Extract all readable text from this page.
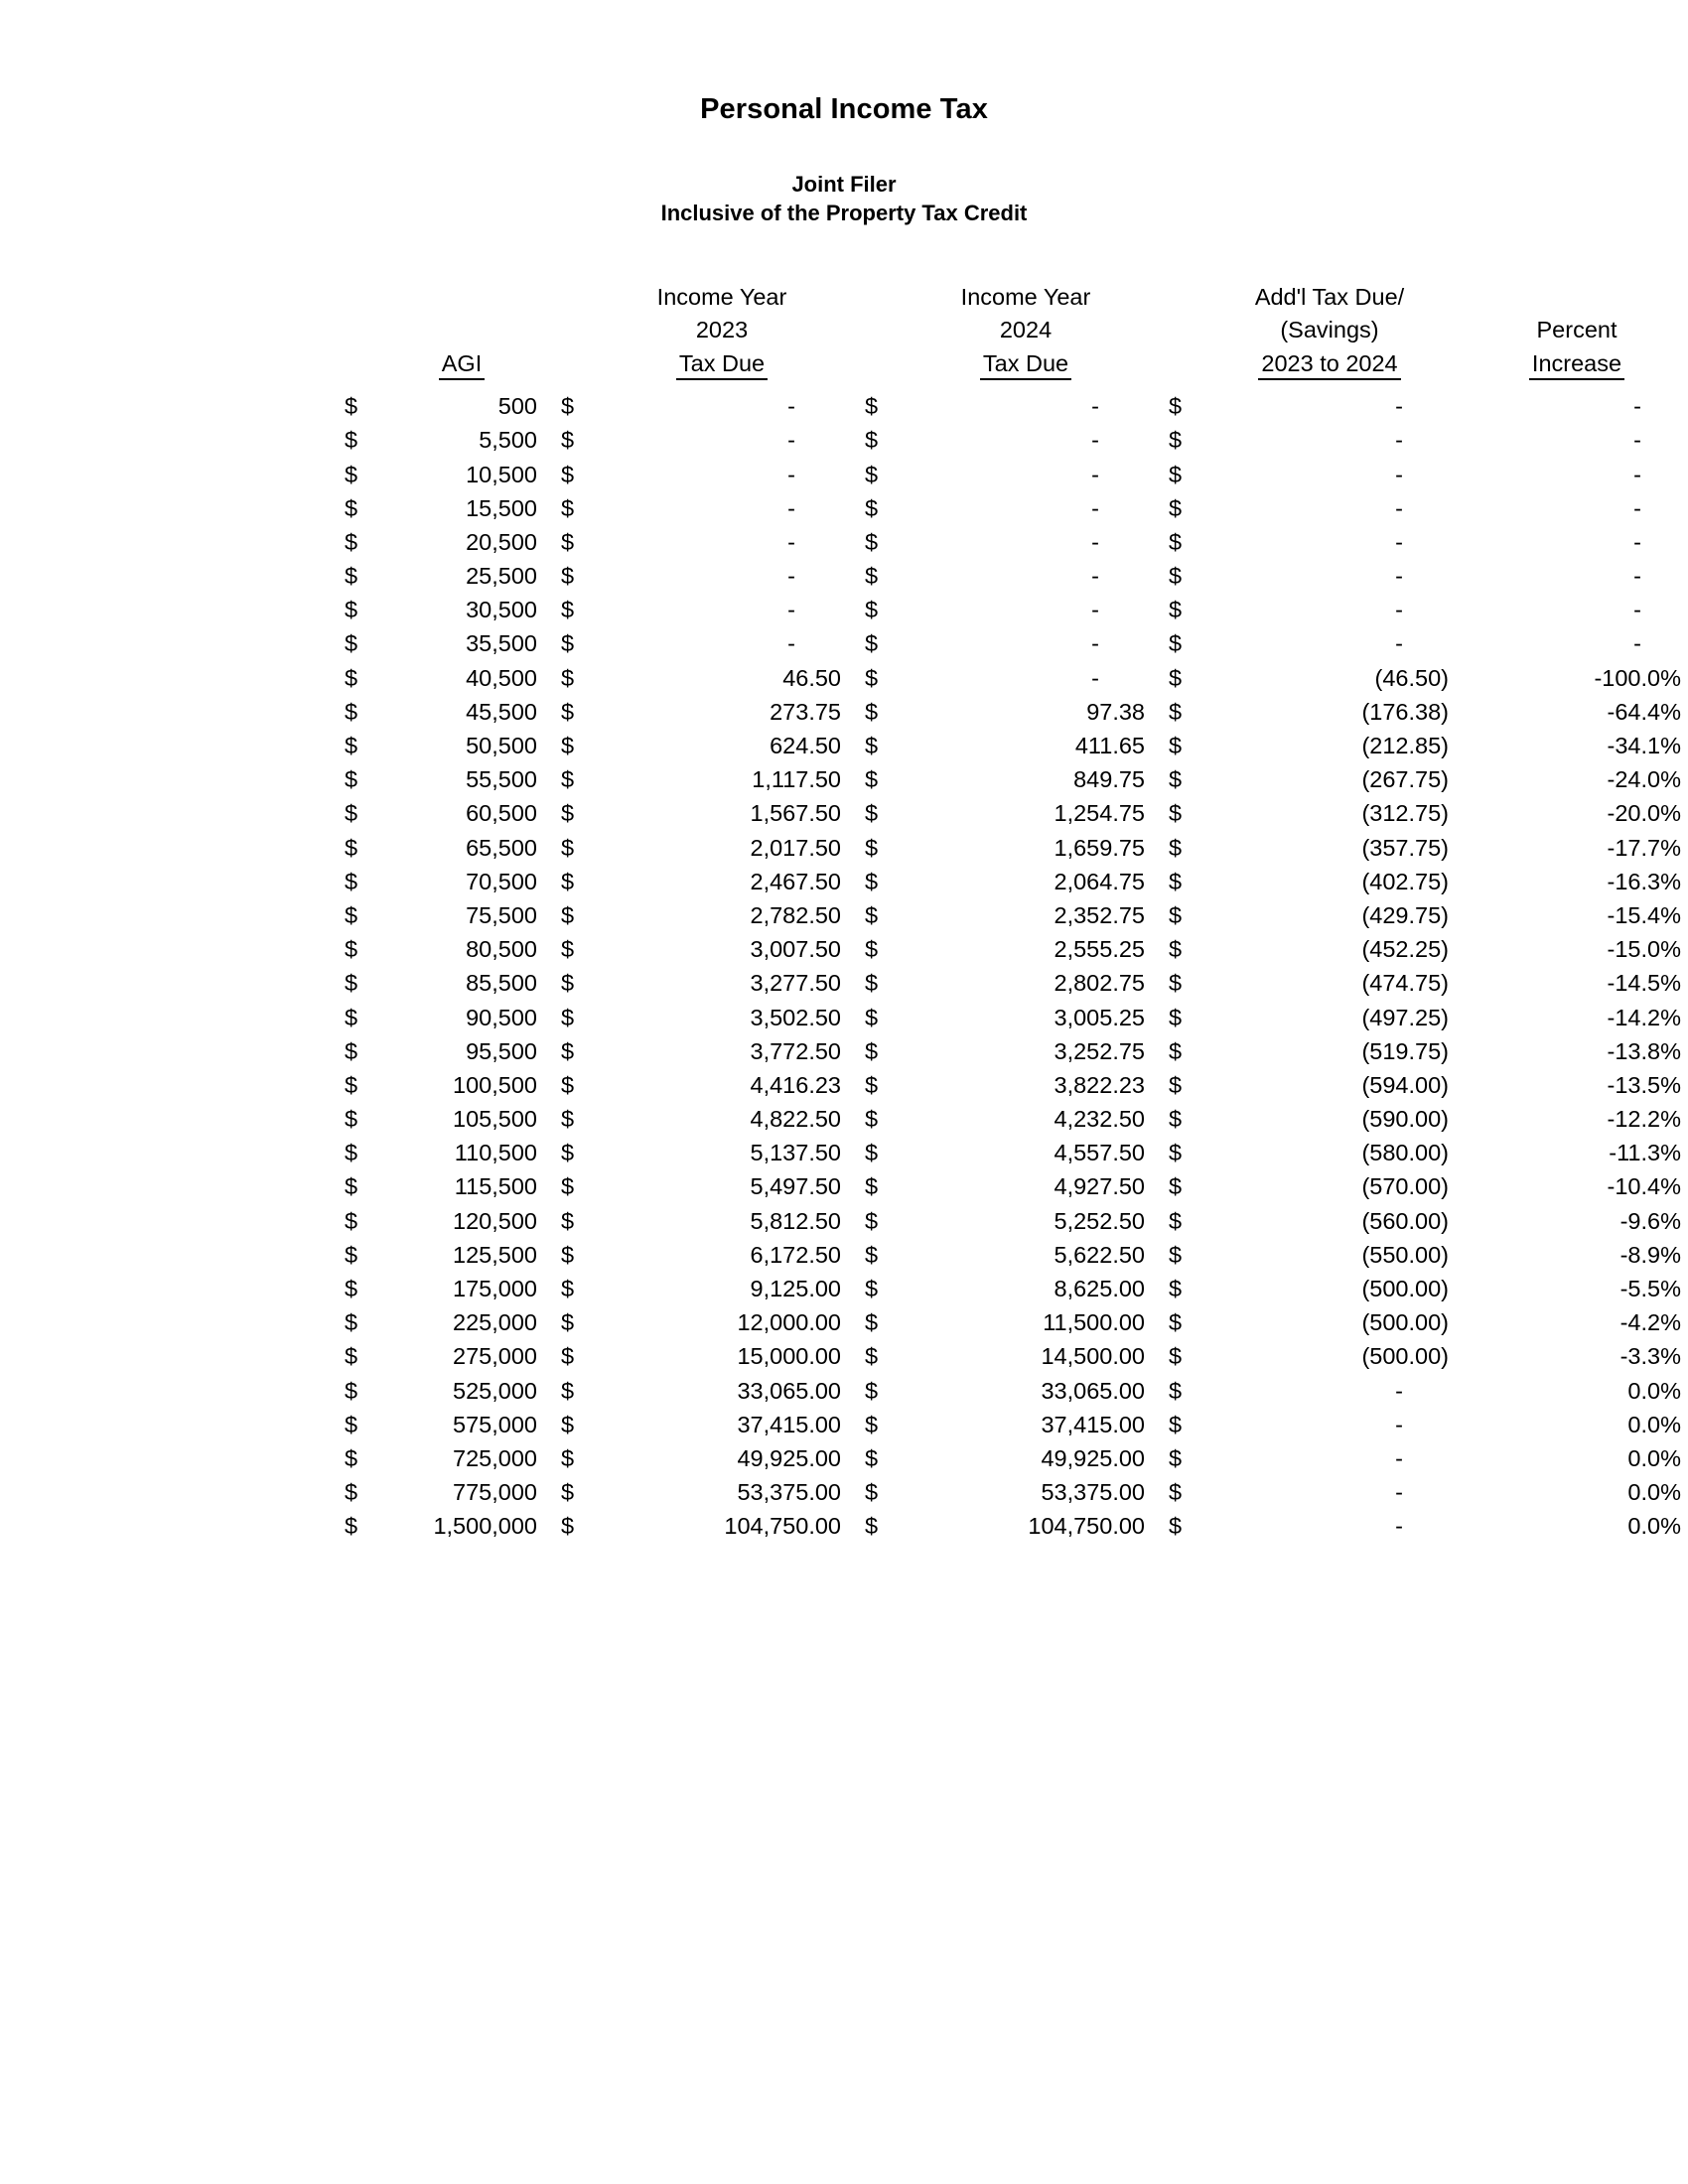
Personal Income Tax
Joint Filer
Inclusive of the Property Tax Credit
				Income Year			Income Year			Add'l Tax Due/		
				2023			2024			(Savings)		Percent
	AGI			Tax Due			Tax Due			2023 to 2024		Increase
$	500		$	-		$	-		$	-		-
$	5,500		$	-		$	-		$	-		-
$	10,500		$	-		$	-		$	-		-
$	15,500		$	-		$	-		$	-		-
$	20,500		$	-		$	-		$	-		-
$	25,500		$	-		$	-		$	-		-
$	30,500		$	-		$	-		$	-		-
$	35,500		$	-		$	-		$	-		-
$	40,500		$	46.50		$	-		$	(46.50)		-100.0%
$	45,500		$	273.75		$	97.38		$	(176.38)		-64.4%
$	50,500		$	624.50		$	411.65		$	(212.85)		-34.1%
$	55,500		$	1,117.50		$	849.75		$	(267.75)		-24.0%
$	60,500		$	1,567.50		$	1,254.75		$	(312.75)		-20.0%
$	65,500		$	2,017.50		$	1,659.75		$	(357.75)		-17.7%
$	70,500		$	2,467.50		$	2,064.75		$	(402.75)		-16.3%
$	75,500		$	2,782.50		$	2,352.75		$	(429.75)		-15.4%
$	80,500		$	3,007.50		$	2,555.25		$	(452.25)		-15.0%
$	85,500		$	3,277.50		$	2,802.75		$	(474.75)		-14.5%
$	90,500		$	3,502.50		$	3,005.25		$	(497.25)		-14.2%
$	95,500		$	3,772.50		$	3,252.75		$	(519.75)		-13.8%
$	100,500		$	4,416.23		$	3,822.23		$	(594.00)		-13.5%
$	105,500		$	4,822.50		$	4,232.50		$	(590.00)		-12.2%
$	110,500		$	5,137.50		$	4,557.50		$	(580.00)		-11.3%
$	115,500		$	5,497.50		$	4,927.50		$	(570.00)		-10.4%
$	120,500		$	5,812.50		$	5,252.50		$	(560.00)		-9.6%
$	125,500		$	6,172.50		$	5,622.50		$	(550.00)		-8.9%
$	175,000		$	9,125.00		$	8,625.00		$	(500.00)		-5.5%
$	225,000		$	12,000.00		$	11,500.00		$	(500.00)		-4.2%
$	275,000		$	15,000.00		$	14,500.00		$	(500.00)		-3.3%
$	525,000		$	33,065.00		$	33,065.00		$	-		0.0%
$	575,000		$	37,415.00		$	37,415.00		$	-		0.0%
$	725,000		$	49,925.00		$	49,925.00		$	-		0.0%
$	775,000		$	53,375.00		$	53,375.00		$	-		0.0%
$	1,500,000		$	104,750.00		$	104,750.00		$	-		0.0%
